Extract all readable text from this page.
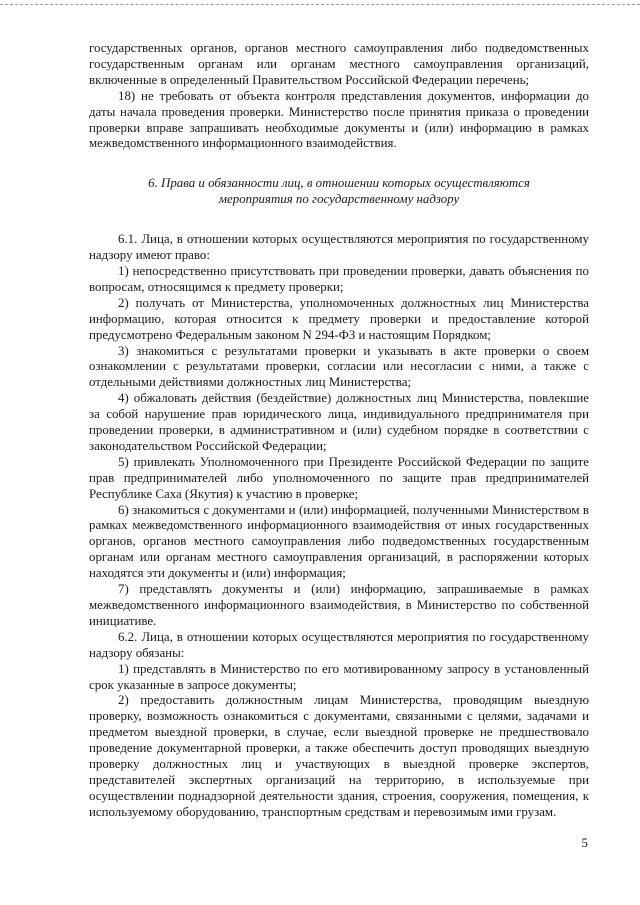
государственных органов, органов местного самоуправления либо подведомственных государственным органам или органам местного самоуправления организаций, включенные в определенный Правительством Российской Федерации перечень;

18) не требовать от объекта контроля представления документов, информации до даты начала проведения проверки. Министерство после принятия приказа о проведении проверки вправе запрашивать необходимые документы и (или) информацию в рамках межведомственного информационного взаимодействия.

6. Права и обязанности лиц, в отношении которых осуществляются
мероприятия по государственному надзору

6.1. Лица, в отношении которых осуществляются мероприятия по государственному надзору имеют право:

1) непосредственно присутствовать при проведении проверки, давать объяснения по вопросам, относящимся к предмету проверки;

2) получать от Министерства, уполномоченных должностных лиц Министерства информацию, которая относится к предмету проверки и предоставление которой предусмотрено Федеральным законом N 294-ФЗ и настоящим Порядком;

3) знакомиться с результатами проверки и указывать в акте проверки о своем ознакомлении с результатами проверки, согласии или несогласии с ними, а также с отдельными действиями должностных лиц Министерства;

4) обжаловать действия (бездействие) должностных лиц Министерства, повлекшие за собой нарушение прав юридического лица, индивидуального предпринимателя при проведении проверки, в административном и (или) судебном порядке в соответствии с законодательством Российской Федерации;

5) привлекать Уполномоченного при Президенте Российской Федерации по защите прав предпринимателей либо уполномоченного по защите прав предпринимателей Республике Саха (Якутия) к участию в проверке;

6) знакомиться с документами и (или) информацией, полученными Министерством в рамках межведомственного информационного взаимодействия от иных государственных органов, органов местного самоуправления либо подведомственных государственным органам или органам местного самоуправления организаций, в распоряжении которых находятся эти документы и (или) информация;

7) представлять документы и (или) информацию, запрашиваемые в рамках межведомственного информационного взаимодействия, в Министерство по собственной инициативе.

6.2. Лица, в отношении которых осуществляются мероприятия по государственному надзору обязаны:

1) представлять в Министерство по его мотивированному запросу в установленный срок указанные в запросе документы;

2) предоставить должностным лицам Министерства, проводящим выездную проверку, возможность ознакомиться с документами, связанными с целями, задачами и предметом выездной проверки, в случае, если выездной проверке не предшествовало проведение документарной проверки, а также обеспечить доступ проводящих выездную проверку должностных лиц и участвующих в выездной проверке экспертов, представителей экспертных организаций на территорию, в используемые при осуществлении поднадзорной деятельности здания, строения, сооружения, помещения, к используемому оборудованию, транспортным средствам и перевозимым ими грузам.

5
